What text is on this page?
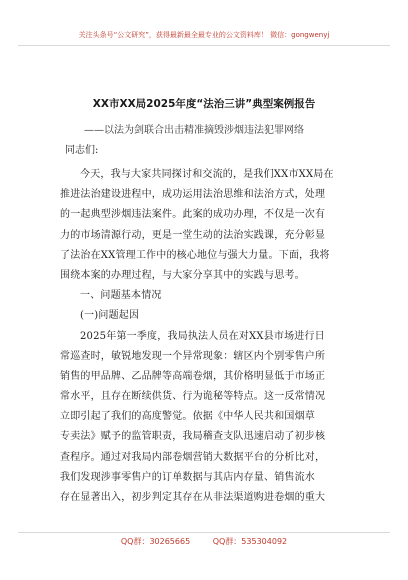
关注头条号“公文研究”，获得最新最全最专业的公文资料库！ 微信：gongwenyj
XX市XX局2025年度“法治三讲”典型案例报告
——以法为剑联合出击精准摘毁涉烟违法犯罪网络
同志们:
今天，我与大家共同探讨和交流的，是我们XX市XX局在
推进法治建设进程中，成功运用法治思维和法治方式，处理
的一起典型涉烟违法案件。此案的成功办理，不仅是一次有
力的市场清源行动，更是一堂生动的法治实践课，充分彰显
了法治在XX管理工作中的核心地位与强大力量。下面，我将
围绕本案的办理过程，与大家分享其中的实践与思考。
一、问题基本情况
(一)问题起因
2025年第一季度，我局执法人员在对XX县市场进行日
常巡查时，敏锐地发现一个异常现象：辖区内个别零售户所
销售的甲品牌、乙品牌等高端卷烟，其价格明显低于市场正
常水平，且存在断续供货、行为诡秘等特点。这一反常情况
立即引起了我们的高度警觉。依据《中华人民共和国烟草
专卖法》赋予的监管职责，我局稽查支队迅速启动了初步核
查程序。通过对我局内部卷烟营销大数据平台的分析比对，
我们发现涉事零售户的订单数据与其店内存量、销售流水
存在显著出入，初步判定其存在从非法渠道购进卷烟的重大
QQ群：30265665	QQ群：535304092
